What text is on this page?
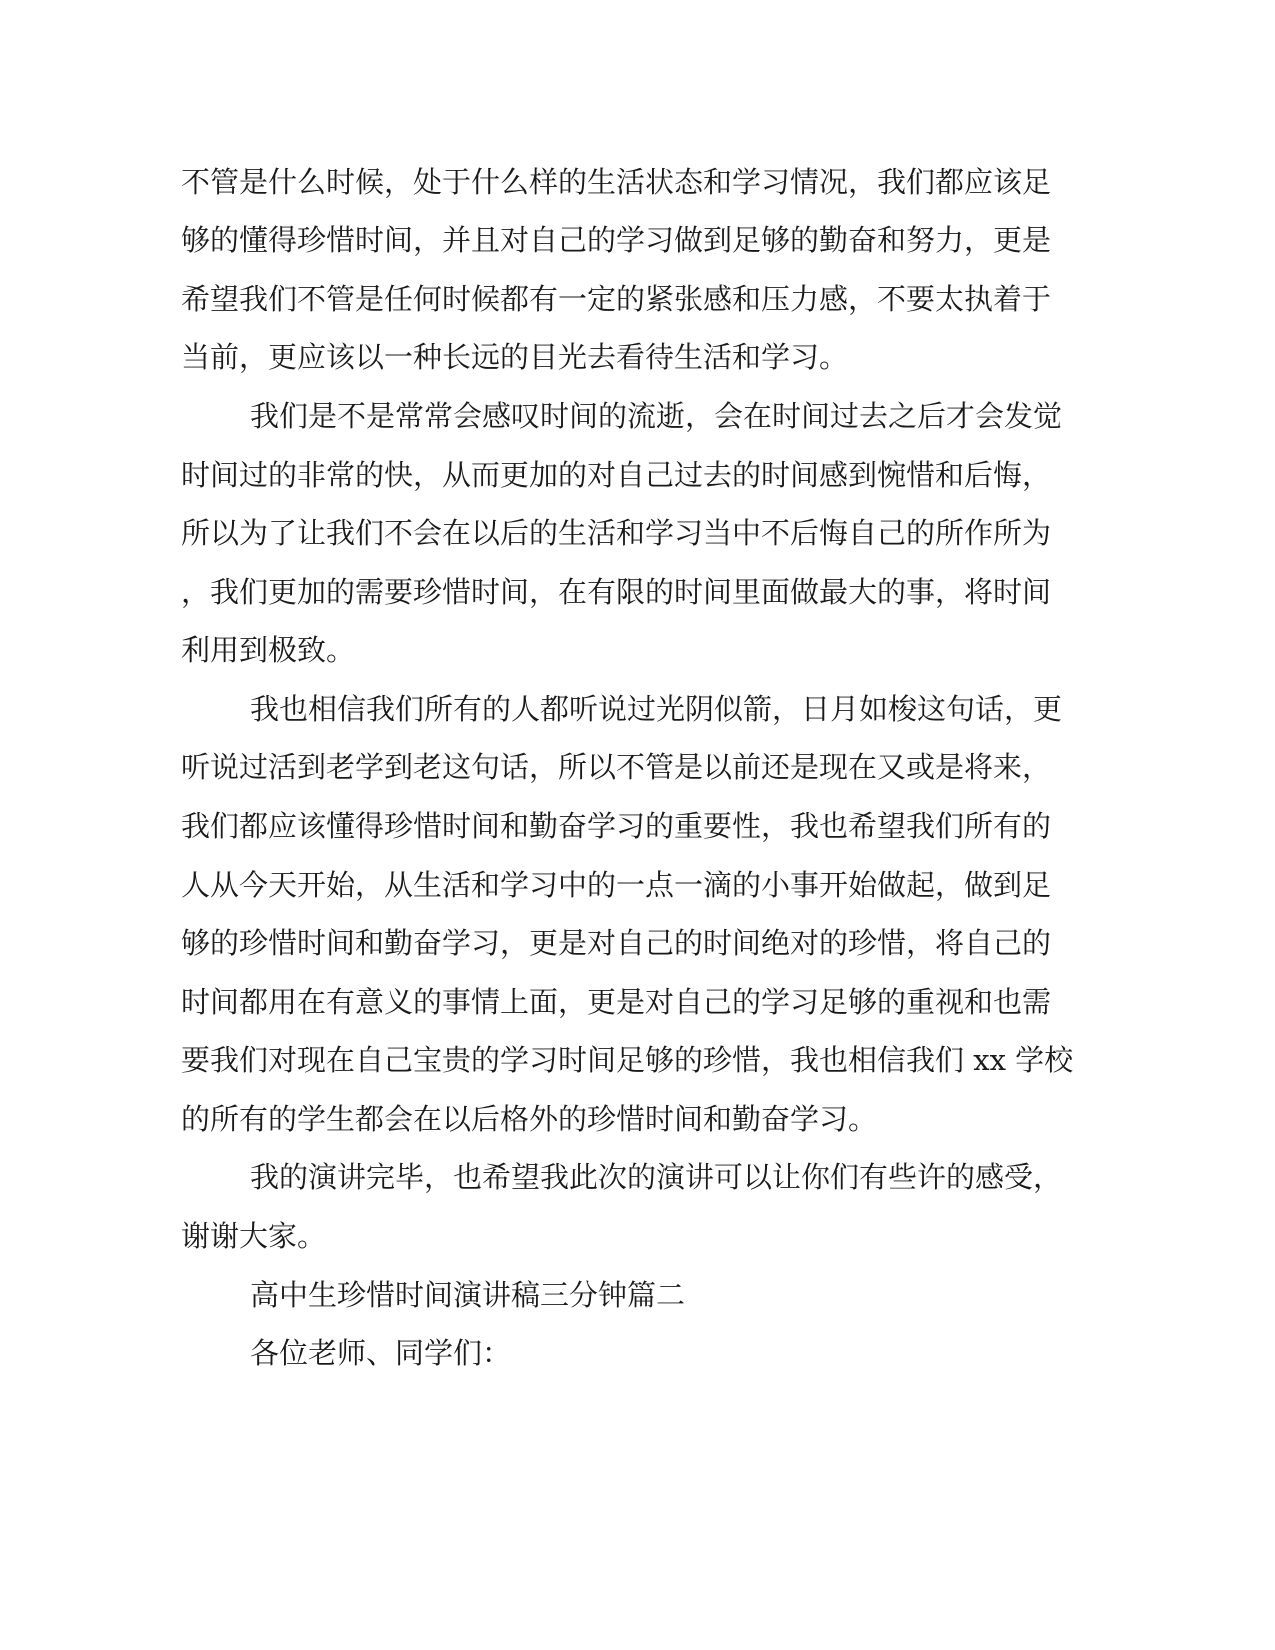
不管是什么时候，处于什么样的生活状态和学习情况，我们都应该足

够的懂得珍惜时间，并且对自己的学习做到足够的勤奋和努力，更是

希望我们不管是任何时候都有一定的紧张感和压力感，不要太执着于

当前，更应该以一种长远的目光去看待生活和学习。

我们是不是常常会感叹时间的流逝，会在时间过去之后才会发觉

时间过的非常的快，从而更加的对自己过去的时间感到惋惜和后悔，

所以为了让我们不会在以后的生活和学习当中不后悔自己的所作所为

，我们更加的需要珍惜时间，在有限的时间里面做最大的事，将时间

利用到极致。

我也相信我们所有的人都听说过光阴似箭，日月如梭这句话，更

听说过活到老学到老这句话，所以不管是以前还是现在又或是将来，

我们都应该懂得珍惜时间和勤奋学习的重要性，我也希望我们所有的

人从今天开始，从生活和学习中的一点一滴的小事开始做起，做到足

够的珍惜时间和勤奋学习，更是对自己的时间绝对的珍惜，将自己的

时间都用在有意义的事情上面，更是对自己的学习足够的重视和也需

要我们对现在自己宝贵的学习时间足够的珍惜，我也相信我们 xx 学校

的所有的学生都会在以后格外的珍惜时间和勤奋学习。

我的演讲完毕，也希望我此次的演讲可以让你们有些许的感受，

谢谢大家。

高中生珍惜时间演讲稿三分钟篇二

各位老师、同学们：
